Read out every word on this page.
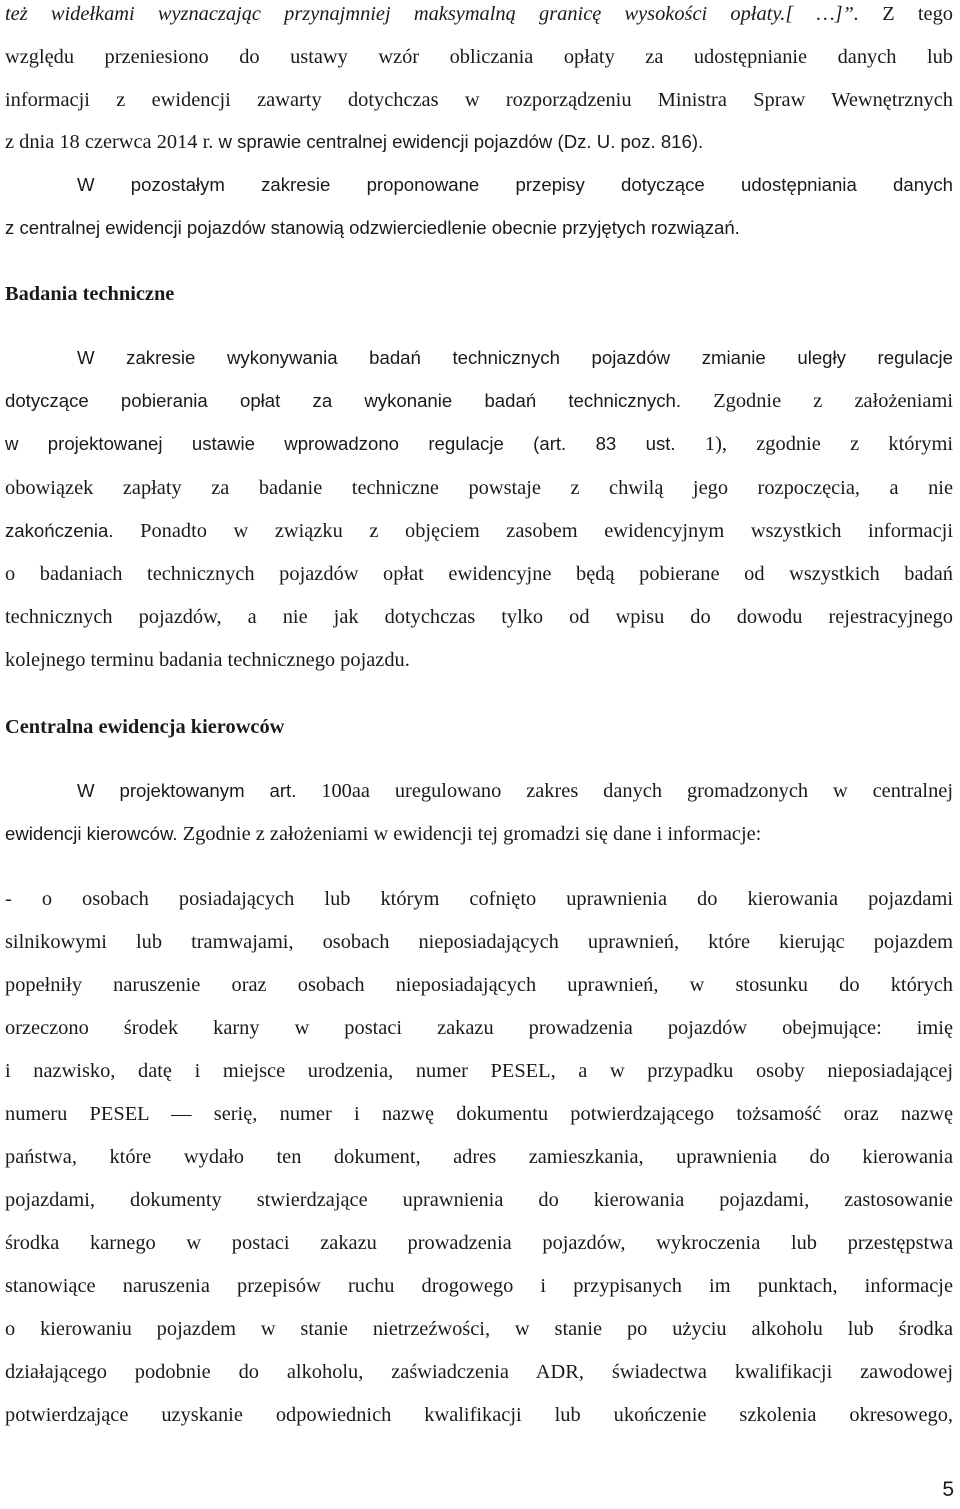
też widełkami wyznaczając przynajmniej maksymalną granicę wysokości opłaty.[ …]”. Z tego
względu przeniesiono do ustawy wzór obliczania opłaty za udostępnianie danych lub
informacji z ewidencji zawarty dotychczas w rozporządzeniu Ministra Spraw Wewnętrznych
z dnia 18 czerwca 2014 r. w sprawie centralnej ewidencji pojazdów (Dz. U. poz. 816).
W pozostałym zakresie proponowane przepisy dotyczące udostępniania danych
z centralnej ewidencji pojazdów stanowią odzwierciedlenie obecnie przyjętych rozwiązań.
Badania techniczne
W zakresie wykonywania badań technicznych pojazdów zmianie uległy regulacje
dotyczące pobierania opłat za wykonanie badań technicznych. Zgodnie z założeniami
w projektowanej ustawie wprowadzono regulacje (art. 83 ust. 1), zgodnie z którymi
obowiązek zapłaty za badanie techniczne powstaje z chwilą jego rozpoczęcia, a nie
zakończenia. Ponadto w związku z objęciem zasobem ewidencyjnym wszystkich informacji
o badaniach technicznych pojazdów opłat ewidencyjne będą pobierane od wszystkich badań
technicznych pojazdów, a nie jak dotychczas tylko od wpisu do dowodu rejestracyjnego
kolejnego terminu badania technicznego pojazdu.
Centralna ewidencja kierowców
W projektowanym art. 100aa uregulowano zakres danych gromadzonych w centralnej
ewidencji kierowców. Zgodnie z założeniami w ewidencji tej gromadzi się dane i informacje:
- o osobach posiadających lub którym cofnięto uprawnienia do kierowania pojazdami
silnikowymi lub tramwajami, osobach nieposiadających uprawnień, które kierując pojazdem
popełniły naruszenie oraz osobach nieposiadających uprawnień, w stosunku do których
orzeczono środek karny w postaci zakazu prowadzenia pojazdów obejmujące: imię
i nazwisko, datę i miejsce urodzenia, numer PESEL, a w przypadku osoby nieposiadającej
numeru PESEL ― serię, numer i nazwę dokumentu potwierdzającego tożsamość oraz nazwę
państwa, które wydało ten dokument, adres zamieszkania, uprawnienia do kierowania
pojazdami, dokumenty stwierdzające uprawnienia do kierowania pojazdami, zastosowanie
środka karnego w postaci zakazu prowadzenia pojazdów, wykroczenia lub przestępstwa
stanowiące naruszenia przepisów ruchu drogowego i przypisanych im punktach, informacje
o kierowaniu pojazdem w stanie nietrzeźwości, w stanie po użyciu alkoholu lub środka
działającego podobnie do alkoholu, zaświadczenia ADR, świadectwa kwalifikacji zawodowej
potwierdzające uzyskanie odpowiednich kwalifikacji lub ukończenie szkolenia okresowego,
5
